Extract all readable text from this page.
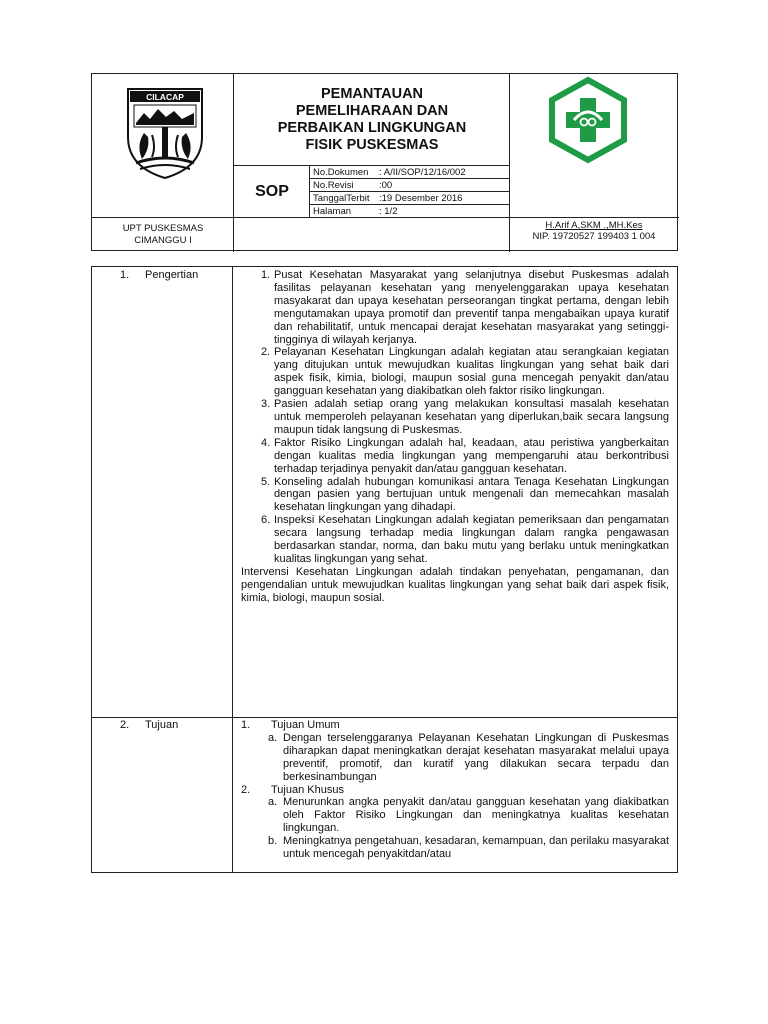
CILACAP	PEMANTAUAN
PEMELIHARAAN DAN
PERBAIKAN LINGKUNGAN
FISIK PUSKESMAS
SOP
No.Dokumen : A/II/SOP/12/16/002
No.Revisi	:00
TanggalTerbit :19 Desember 2016
Halaman	: 1/2
UPT PUSKESMAS
CIMANGGU I
H.Arif A,SKM .,MH.Kes
NIP. 19720527 199403 1 004
1. Pengertian	1. Pusat Kesehatan Masyarakat yang selanjutnya disebut Puskesmas adalah fasilitas pelayanan kesehatan yang menyelenggarakan upaya kesehatan masyakarat dan upaya kesehatan perseorangan tingkat pertama, dengan lebih mengutamakan upaya promotif dan preventif tanpa mengabaikan upaya kuratif dan rehabilitatif, untuk mencapai derajat kesehatan masyarakat yang setinggi-tingginya di wilayah kerjanya.

2. Pelayanan Kesehatan Lingkungan adalah kegiatan atau serangkaian kegiatan yang ditujukan untuk mewujudkan kualitas lingkungan yang sehat baik dari aspek fisik, kimia, biologi, maupun sosial guna mencegah penyakit dan/atau gangguan kesehatan yang diakibatkan oleh faktor risiko lingkungan.

3. Pasien adalah setiap orang yang melakukan konsultasi masalah kesehatan untuk memperoleh pelayanan kesehatan yang diperlukan,baik secara langsung maupun tidak langsung di Puskesmas.

4. Faktor Risiko Lingkungan adalah hal, keadaan, atau peristiwa yangberkaitan dengan kualitas media lingkungan yang mempengaruhi atau berkontribusi terhadap terjadinya penyakit dan/atau gangguan kesehatan.

5. Konseling adalah hubungan komunikasi antara Tenaga Kesehatan Lingkungan dengan pasien yang bertujuan untuk mengenali dan memecahkan masalah kesehatan lingkungan yang dihadapi.

6. Inspeksi Kesehatan Lingkungan adalah kegiatan pemeriksaan dan pengamatan secara langsung terhadap media lingkungan dalam rangka pengawasan berdasarkan standar, norma, dan baku mutu yang berlaku untuk meningkatkan kualitas lingkungan yang sehat.

Intervensi Kesehatan Lingkungan adalah tindakan penyehatan, pengamanan, dan pengendalian untuk mewujudkan kualitas lingkungan yang sehat baik dari aspek fisik, kimia, biologi, maupun sosial.

2. Tujuan	1. Tujuan Umum
a. Dengan terselenggaranya Pelayanan Kesehatan Lingkungan di Puskesmas diharapkan dapat meningkatkan derajat kesehatan masyarakat melalui upaya preventif, promotif, dan kuratif yang dilakukan secara terpadu dan berkesinambungan

2. Tujuan Khusus
a. Menurunkan angka penyakit dan/atau gangguan kesehatan yang diakibatkan oleh Faktor Risiko Lingkungan dan meningkatnya kualitas kesehatan lingkungan.

b. Meningkatnya pengetahuan, kesadaran, kemampuan, dan perilaku masyarakat untuk mencegah penyakitdan/atau
